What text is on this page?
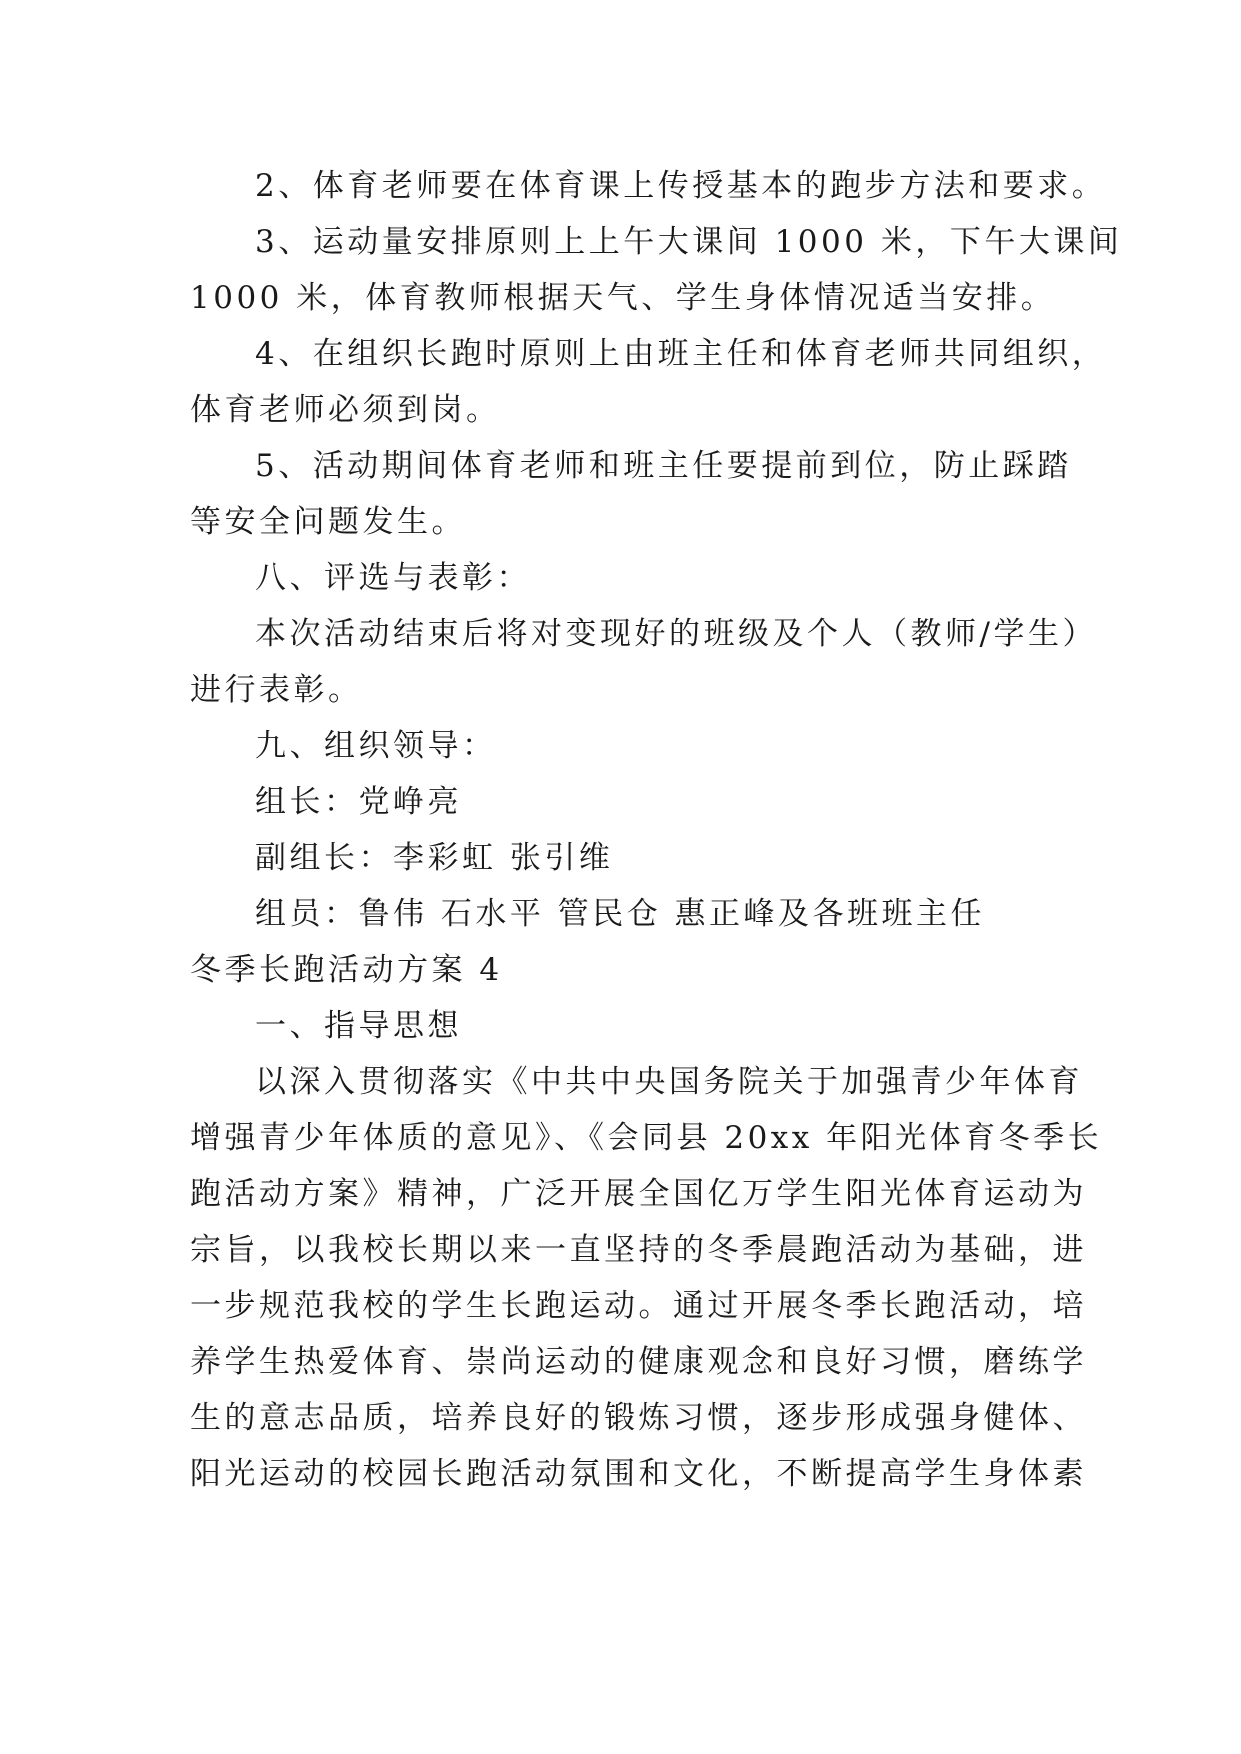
2、体育老师要在体育课上传授基本的跑步方法和要求。

3、运动量安排原则上上午大课间 1000 米，下午大课间

1000 米，体育教师根据天气、学生身体情况适当安排。

4、在组织长跑时原则上由班主任和体育老师共同组织，

体育老师必须到岗。

5、活动期间体育老师和班主任要提前到位，防止踩踏

等安全问题发生。

八、评选与表彰：

本次活动结束后将对变现好的班级及个人（教师/学生）

进行表彰。

九、组织领导：

组长：党峥亮

副组长：李彩虹 张引维

组员：鲁伟 石水平 管民仓 惠正峰及各班班主任

冬季长跑活动方案 4

一、指导思想

以深入贯彻落实《中共中央国务院关于加强青少年体育

增强青少年体质的意见》、《会同县 20xx 年阳光体育冬季长

跑活动方案》精神，广泛开展全国亿万学生阳光体育运动为

宗旨，以我校长期以来一直坚持的冬季晨跑活动为基础，进

一步规范我校的学生长跑运动。通过开展冬季长跑活动，培

养学生热爱体育、崇尚运动的健康观念和良好习惯，磨练学

生的意志品质，培养良好的锻炼习惯，逐步形成强身健体、

阳光运动的校园长跑活动氛围和文化，不断提高学生身体素
